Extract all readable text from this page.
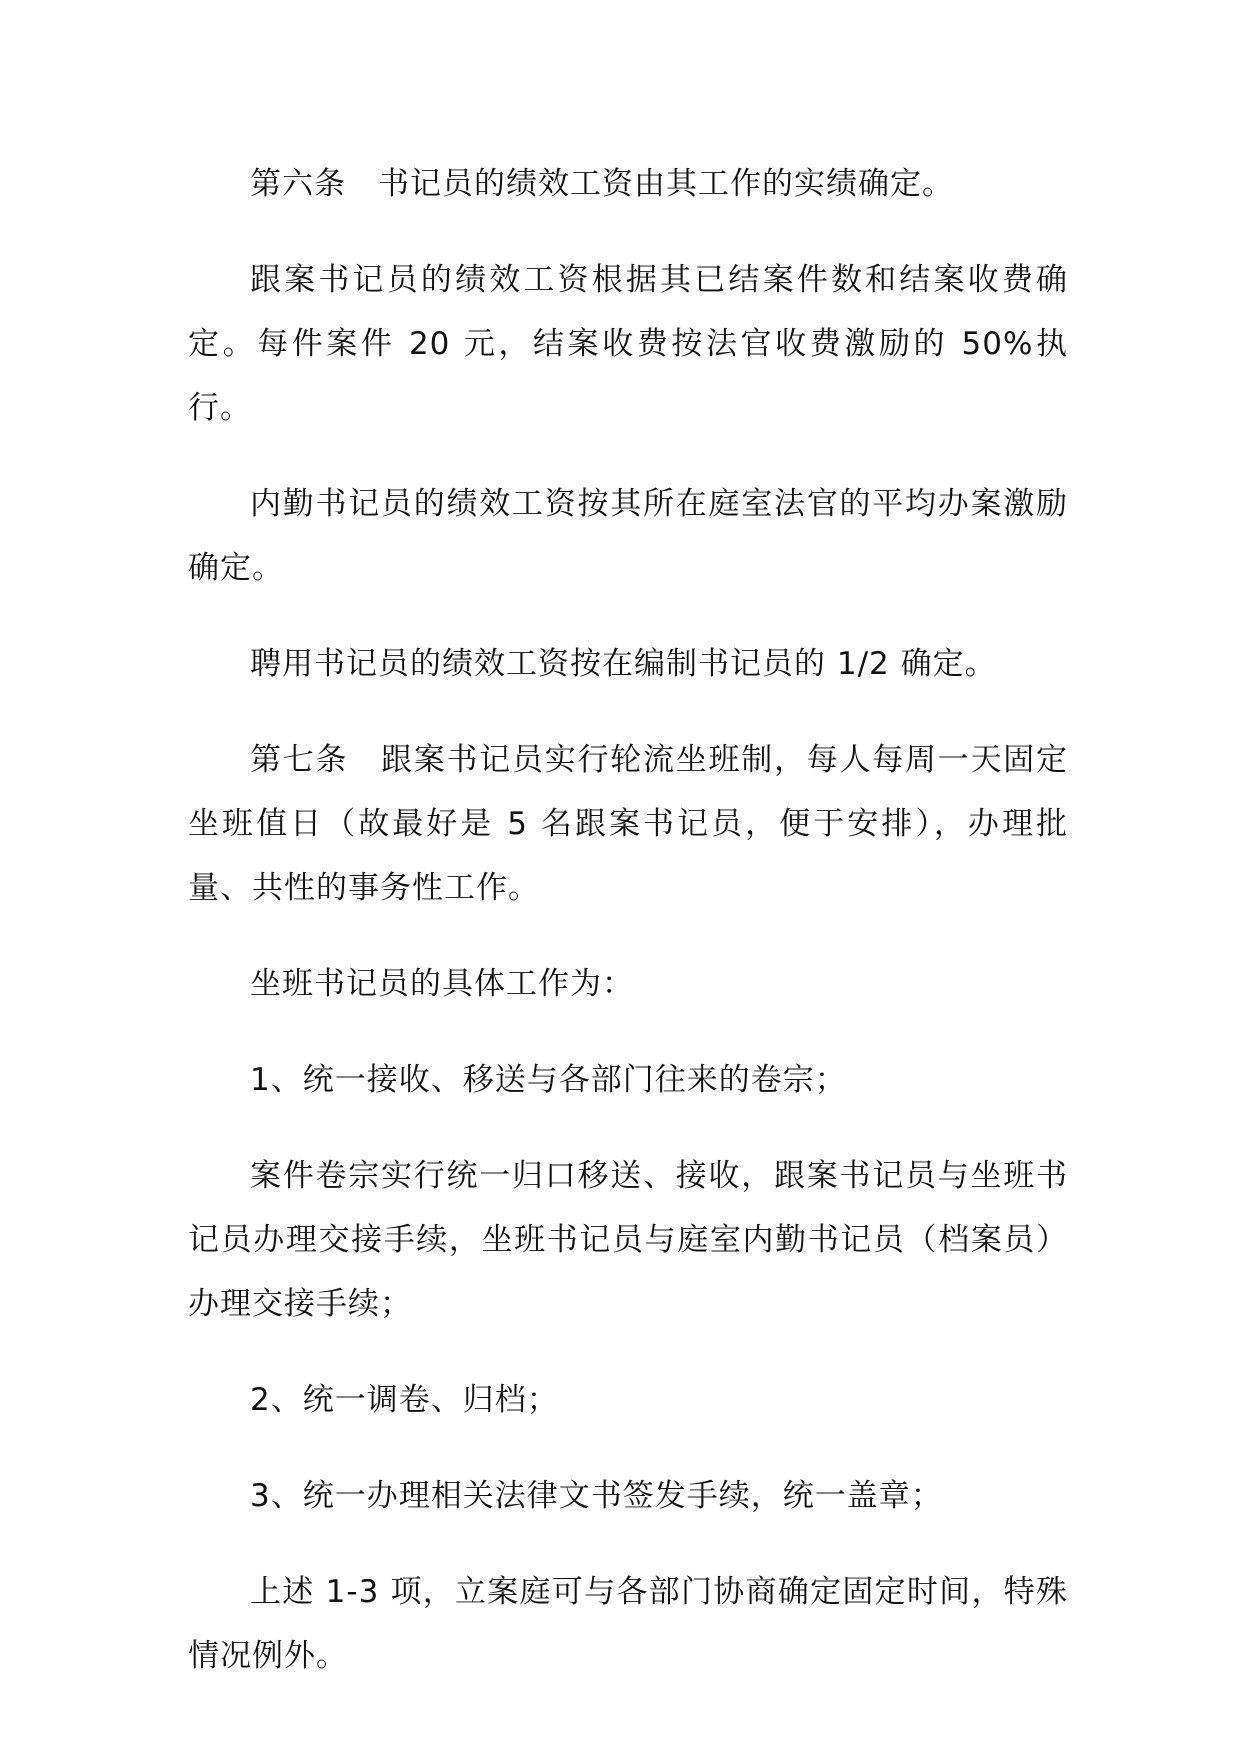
第六条　书记员的绩效工资由其工作的实绩确定。

跟案书记员的绩效工资根据其已结案件数和结案收费确定。每件案件 20 元，结案收费按法官收费激励的 50%执行。

内勤书记员的绩效工资按其所在庭室法官的平均办案激励确定。

聘用书记员的绩效工资按在编制书记员的 1/2 确定。

第七条　跟案书记员实行轮流坐班制，每人每周一天固定坐班值日（故最好是 5 名跟案书记员，便于安排），办理批量、共性的事务性工作。

坐班书记员的具体工作为：

1、统一接收、移送与各部门往来的卷宗；

案件卷宗实行统一归口移送、接收，跟案书记员与坐班书记员办理交接手续，坐班书记员与庭室内勤书记员（档案员）办理交接手续；

2、统一调卷、归档；

3、统一办理相关法律文书签发手续，统一盖章；

上述 1-3 项，立案庭可与各部门协商确定固定时间，特殊情况例外。
